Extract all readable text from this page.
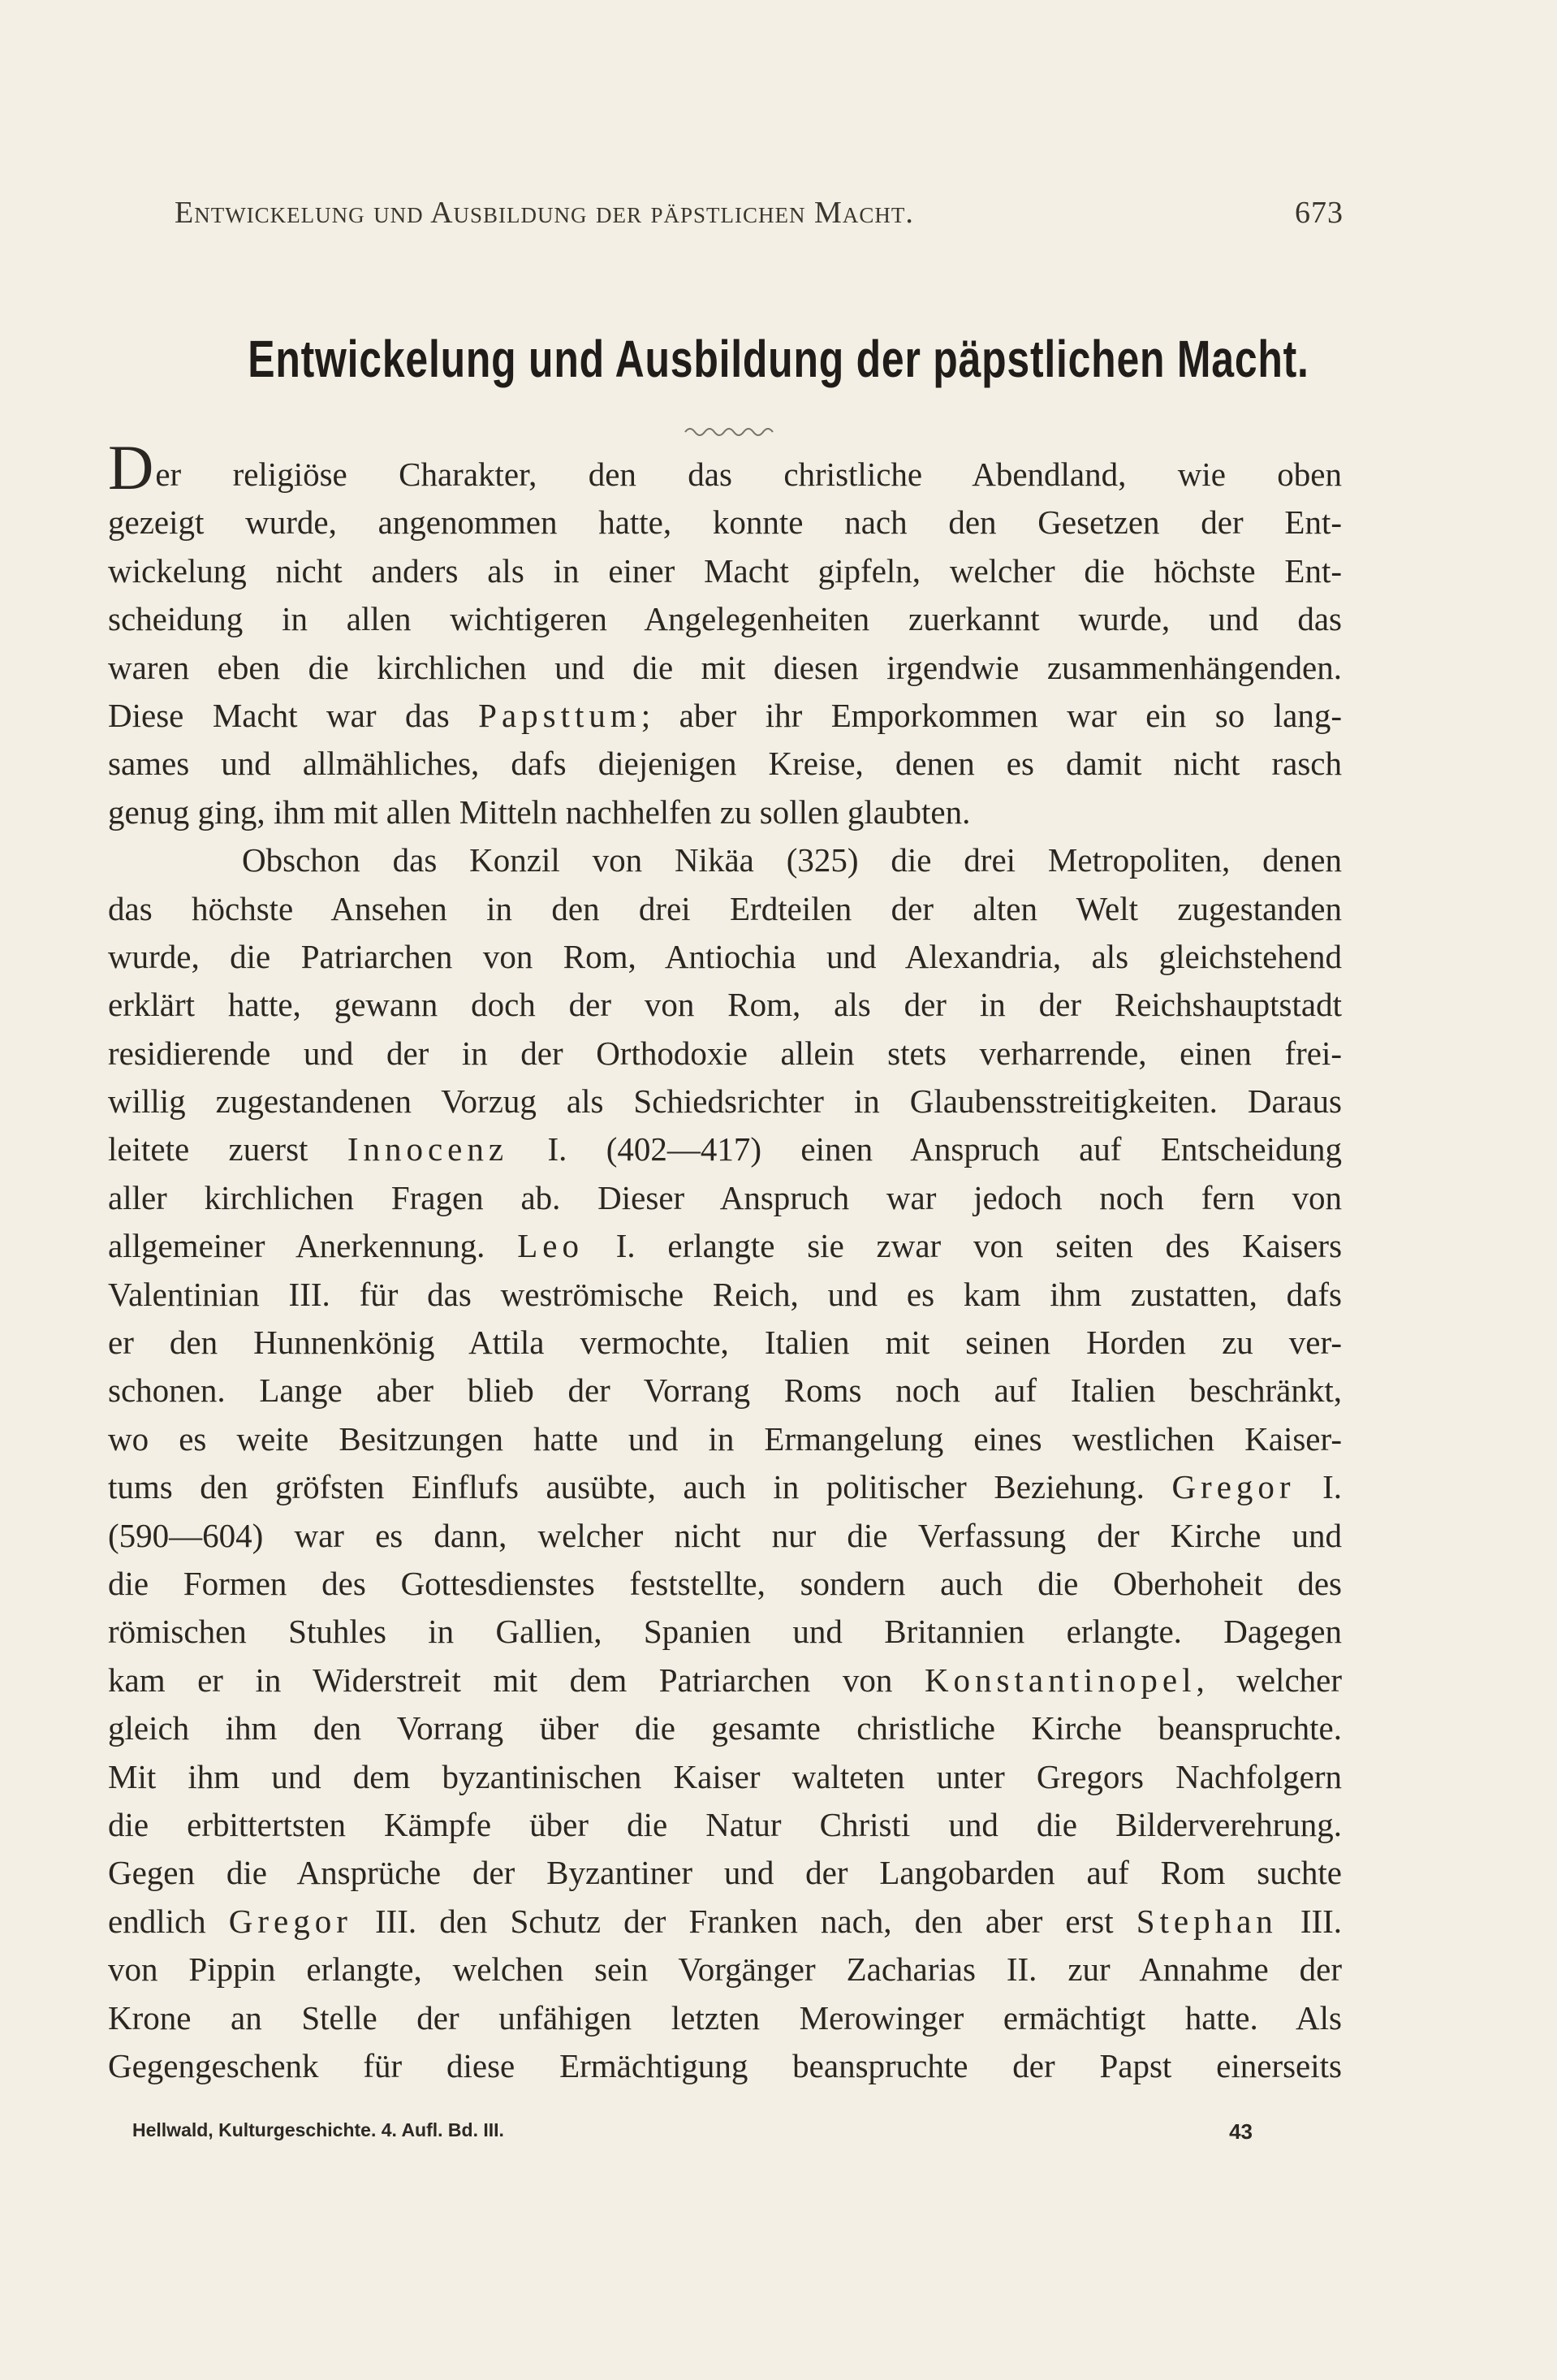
Entwickelung und Ausbildung der päpstlichen Macht.	673
Entwickelung und Ausbildung der päpstlichen Macht.
Der religiöse Charakter, den das christliche Abendland, wie oben
gezeigt wurde, angenommen hatte, konnte nach den Gesetzen der Ent-
wickelung nicht anders als in einer Macht gipfeln, welcher die höchste Ent-
scheidung in allen wichtigeren Angelegenheiten zuerkannt wurde, und das
waren eben die kirchlichen und die mit diesen irgendwie zusammenhängenden.
Diese Macht war das Papsttum; aber ihr Emporkommen war ein so lang-
sames und allmähliches, dafs diejenigen Kreise, denen es damit nicht rasch
genug ging, ihm mit allen Mitteln nachhelfen zu sollen glaubten.
Obschon das Konzil von Nikäa (325) die drei Metropoliten, denen
das höchste Ansehen in den drei Erdteilen der alten Welt zugestanden
wurde, die Patriarchen von Rom, Antiochia und Alexandria, als gleichstehend
erklärt hatte, gewann doch der von Rom, als der in der Reichshauptstadt
residierende und der in der Orthodoxie allein stets verharrende, einen frei-
willig zugestandenen Vorzug als Schiedsrichter in Glaubensstreitigkeiten. Daraus
leitete zuerst Innocenz I. (402—417) einen Anspruch auf Entscheidung
aller kirchlichen Fragen ab. Dieser Anspruch war jedoch noch fern von
allgemeiner Anerkennung. Leo I. erlangte sie zwar von seiten des Kaisers
Valentinian III. für das weströmische Reich, und es kam ihm zustatten, dafs
er den Hunnenkönig Attila vermochte, Italien mit seinen Horden zu ver-
schonen. Lange aber blieb der Vorrang Roms noch auf Italien beschränkt,
wo es weite Besitzungen hatte und in Ermangelung eines westlichen Kaiser-
tums den gröfsten Einflufs ausübte, auch in politischer Beziehung. Gregor I.
(590—604) war es dann, welcher nicht nur die Verfassung der Kirche und
die Formen des Gottesdienstes feststellte, sondern auch die Oberhoheit des
römischen Stuhles in Gallien, Spanien und Britannien erlangte. Dagegen
kam er in Widerstreit mit dem Patriarchen von Konstantinopel, welcher
gleich ihm den Vorrang über die gesamte christliche Kirche beanspruchte.
Mit ihm und dem byzantinischen Kaiser walteten unter Gregors Nachfolgern
die erbittertsten Kämpfe über die Natur Christi und die Bilderverehrung.
Gegen die Ansprüche der Byzantiner und der Langobarden auf Rom suchte
endlich Gregor III. den Schutz der Franken nach, den aber erst Stephan III.
von Pippin erlangte, welchen sein Vorgänger Zacharias II. zur Annahme der
Krone an Stelle der unfähigen letzten Merowinger ermächtigt hatte. Als
Gegengeschenk für diese Ermächtigung beanspruchte der Papst einerseits
Hellwald, Kulturgeschichte. 4. Aufl. Bd. III.	43
